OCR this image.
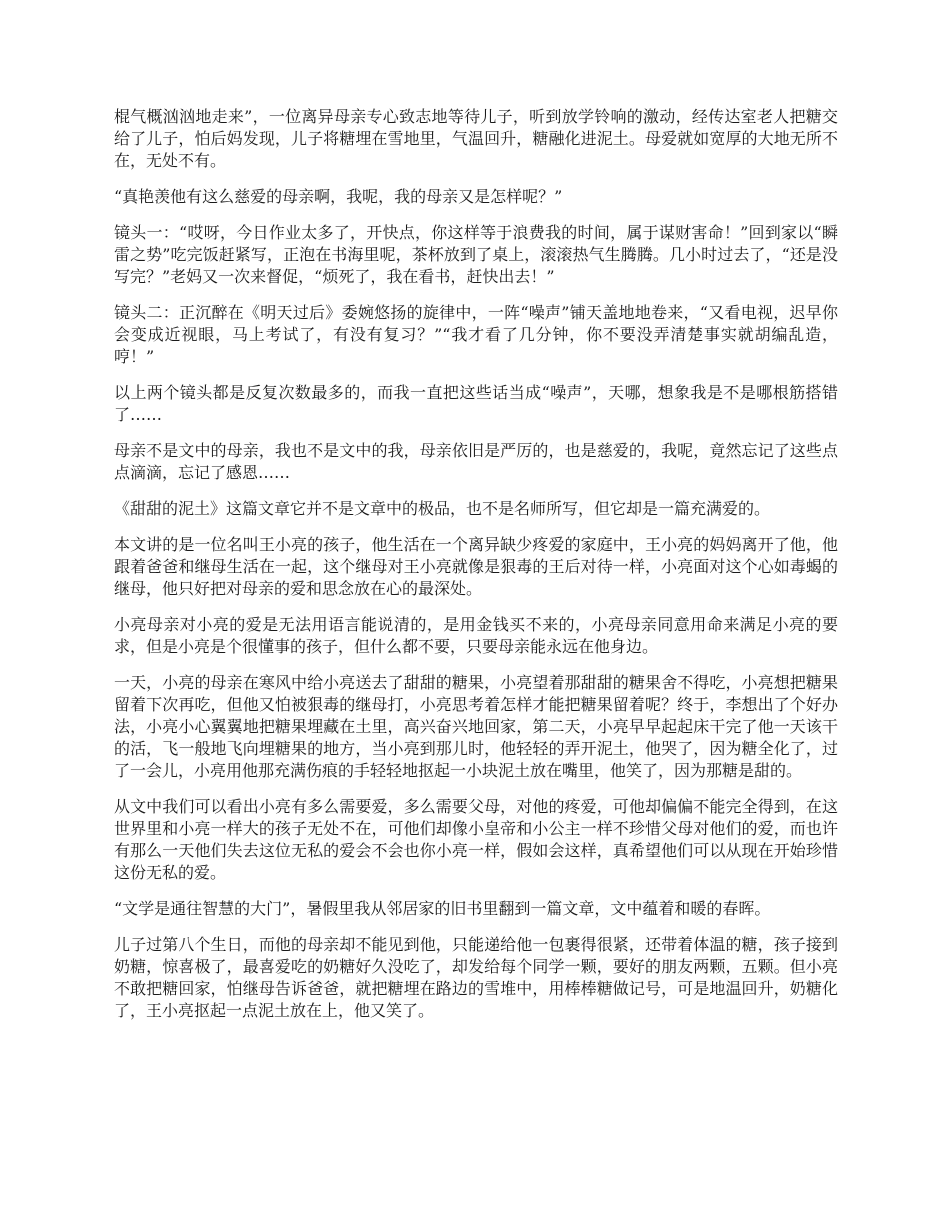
棍气概汹汹地走来”，一位离异母亲专心致志地等待儿子，听到放学铃响的激动，经传达室老人把糖交给了儿子，怕后妈发现，儿子将糖埋在雪地里，气温回升，糖融化进泥土。母爱就如宽厚的大地无所不在，无处不有。

“真艳羡他有这么慈爱的母亲啊，我呢，我的母亲又是怎样呢？”

镜头一：“哎呀，今日作业太多了，开快点，你这样等于浪费我的时间，属于谋财害命！”回到家以“瞬雷之势”吃完饭赶紧写，正泡在书海里呢，茶杯放到了桌上，滚滚热气生腾腾。几小时过去了，“还是没写完？”老妈又一次来督促，“烦死了，我在看书，赶快出去！”

镜头二：正沉醉在《明天过后》委婉悠扬的旋律中，一阵“噪声”铺天盖地地卷来，“又看电视，迟早你会变成近视眼，马上考试了，有没有复习？”“我才看了几分钟，你不要没弄清楚事实就胡编乱造，哼！”

以上两个镜头都是反复次数最多的，而我一直把这些话当成“噪声”，天哪，想象我是不是哪根筋搭错了……

母亲不是文中的母亲，我也不是文中的我，母亲依旧是严厉的，也是慈爱的，我呢，竟然忘记了这些点点滴滴，忘记了感恩……

《甜甜的泥土》这篇文章它并不是文章中的极品，也不是名师所写，但它却是一篇充满爱的。

本文讲的是一位名叫王小亮的孩子，他生活在一个离异缺少疼爱的家庭中，王小亮的妈妈离开了他，他跟着爸爸和继母生活在一起，这个继母对王小亮就像是狠毒的王后对待一样，小亮面对这个心如毒蝎的继母，他只好把对母亲的爱和思念放在心的最深处。

小亮母亲对小亮的爱是无法用语言能说清的，是用金钱买不来的，小亮母亲同意用命来满足小亮的要求，但是小亮是个很懂事的孩子，但什么都不要，只要母亲能永远在他身边。

一天，小亮的母亲在寒风中给小亮送去了甜甜的糖果，小亮望着那甜甜的糖果舍不得吃，小亮想把糖果留着下次再吃，但他又怕被狠毒的继母打，小亮思考着怎样才能把糖果留着呢？终于，李想出了个好办法，小亮小心翼翼地把糖果埋藏在土里，高兴奋兴地回家，第二天，小亮早早起起床干完了他一天该干的活，飞一般地飞向埋糖果的地方，当小亮到那儿时，他轻轻的弄开泥土，他哭了，因为糖全化了，过了一会儿，小亮用他那充满伤痕的手轻轻地抠起一小块泥土放在嘴里，他笑了，因为那糖是甜的。

从文中我们可以看出小亮有多么需要爱，多么需要父母，对他的疼爱，可他却偏偏不能完全得到，在这世界里和小亮一样大的孩子无处不在，可他们却像小皇帝和小公主一样不珍惜父母对他们的爱，而也许有那么一天他们失去这位无私的爱会不会也你小亮一样，假如会这样，真希望他们可以从现在开始珍惜这份无私的爱。

“文学是通往智慧的大门”，暑假里我从邻居家的旧书里翻到一篇文章，文中蕴着和暖的春晖。

儿子过第八个生日，而他的母亲却不能见到他，只能递给他一包裹得很紧，还带着体温的糖，孩子接到奶糖，惊喜极了，最喜爱吃的奶糖好久没吃了，却发给每个同学一颗，要好的朋友两颗，五颗。但小亮不敢把糖回家，怕继母告诉爸爸，就把糖埋在路边的雪堆中，用棒棒糖做记号，可是地温回升，奶糖化了，王小亮抠起一点泥土放在上，他又笑了。
